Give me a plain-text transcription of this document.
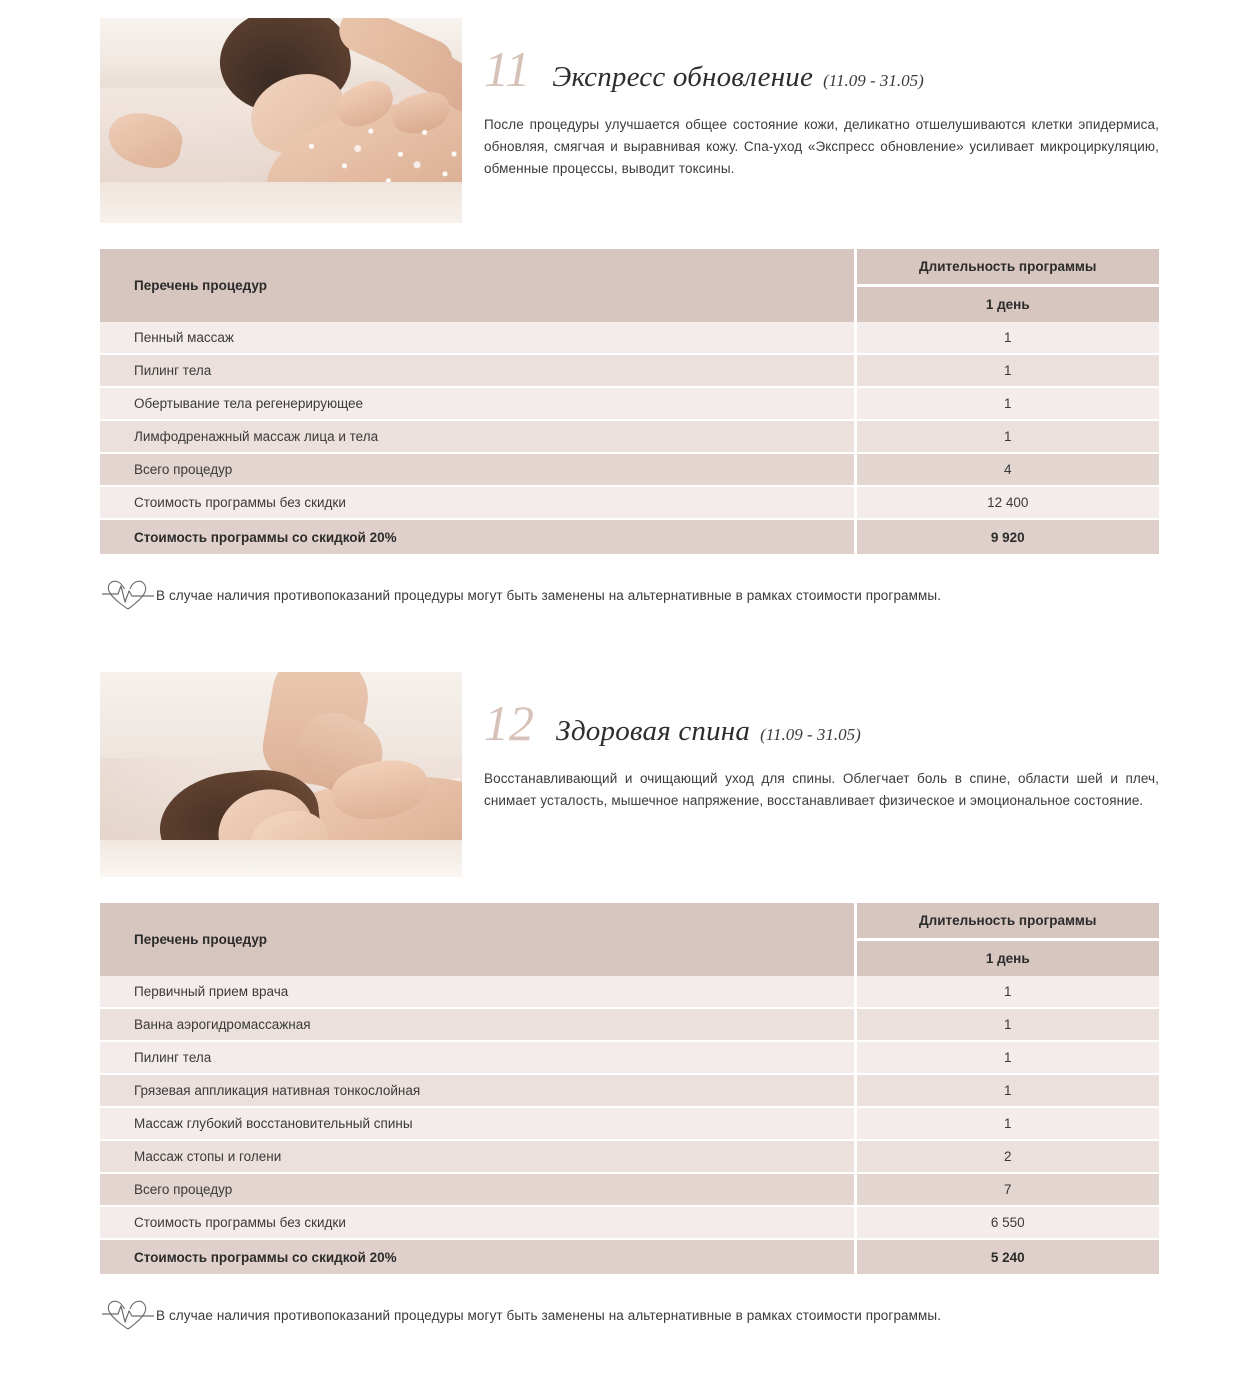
11 Экспресс обновление (11.09 - 31.05)

После процедуры улучшается общее состояние кожи, деликатно отшелушиваются клетки эпидермиса, обновляя, смягчая и выравнивая кожу. Спа-уход «Экспресс обновление» усиливает микроциркуляцию, обменные процессы, выводит токсины.

Перечень процедур	Длительность программы
	1 день
Пенный массаж	1
Пилинг тела	1
Обертывание тела регенерирующее	1
Лимфодренажный массаж лица и тела	1
Всего процедур	4
Стоимость программы без скидки	12 400
Стоимость программы со скидкой 20%	9 920
В случае наличия противопоказаний процедуры могут быть заменены на альтернативные в рамках стоимости программы.
12 Здоровая спина (11.09 - 31.05)

Восстанавливающий и очищающий уход для спины. Облегчает боль в спине, области шей и плеч, снимает усталость, мышечное напряжение, восстанавливает физическое и эмоциональное состояние.

Перечень процедур	Длительность программы
	1 день
Первичный прием врача	1
Ванна аэрогидромассажная	1
Пилинг тела	1
Грязевая аппликация нативная тонкослойная	1
Массаж глубокий восстановительный спины	1
Массаж стопы и голени	2
Всего процедур	7
Стоимость программы без скидки	6 550
Стоимость программы со скидкой 20%	5 240
В случае наличия противопоказаний процедуры могут быть заменены на альтернативные в рамках стоимости программы.
